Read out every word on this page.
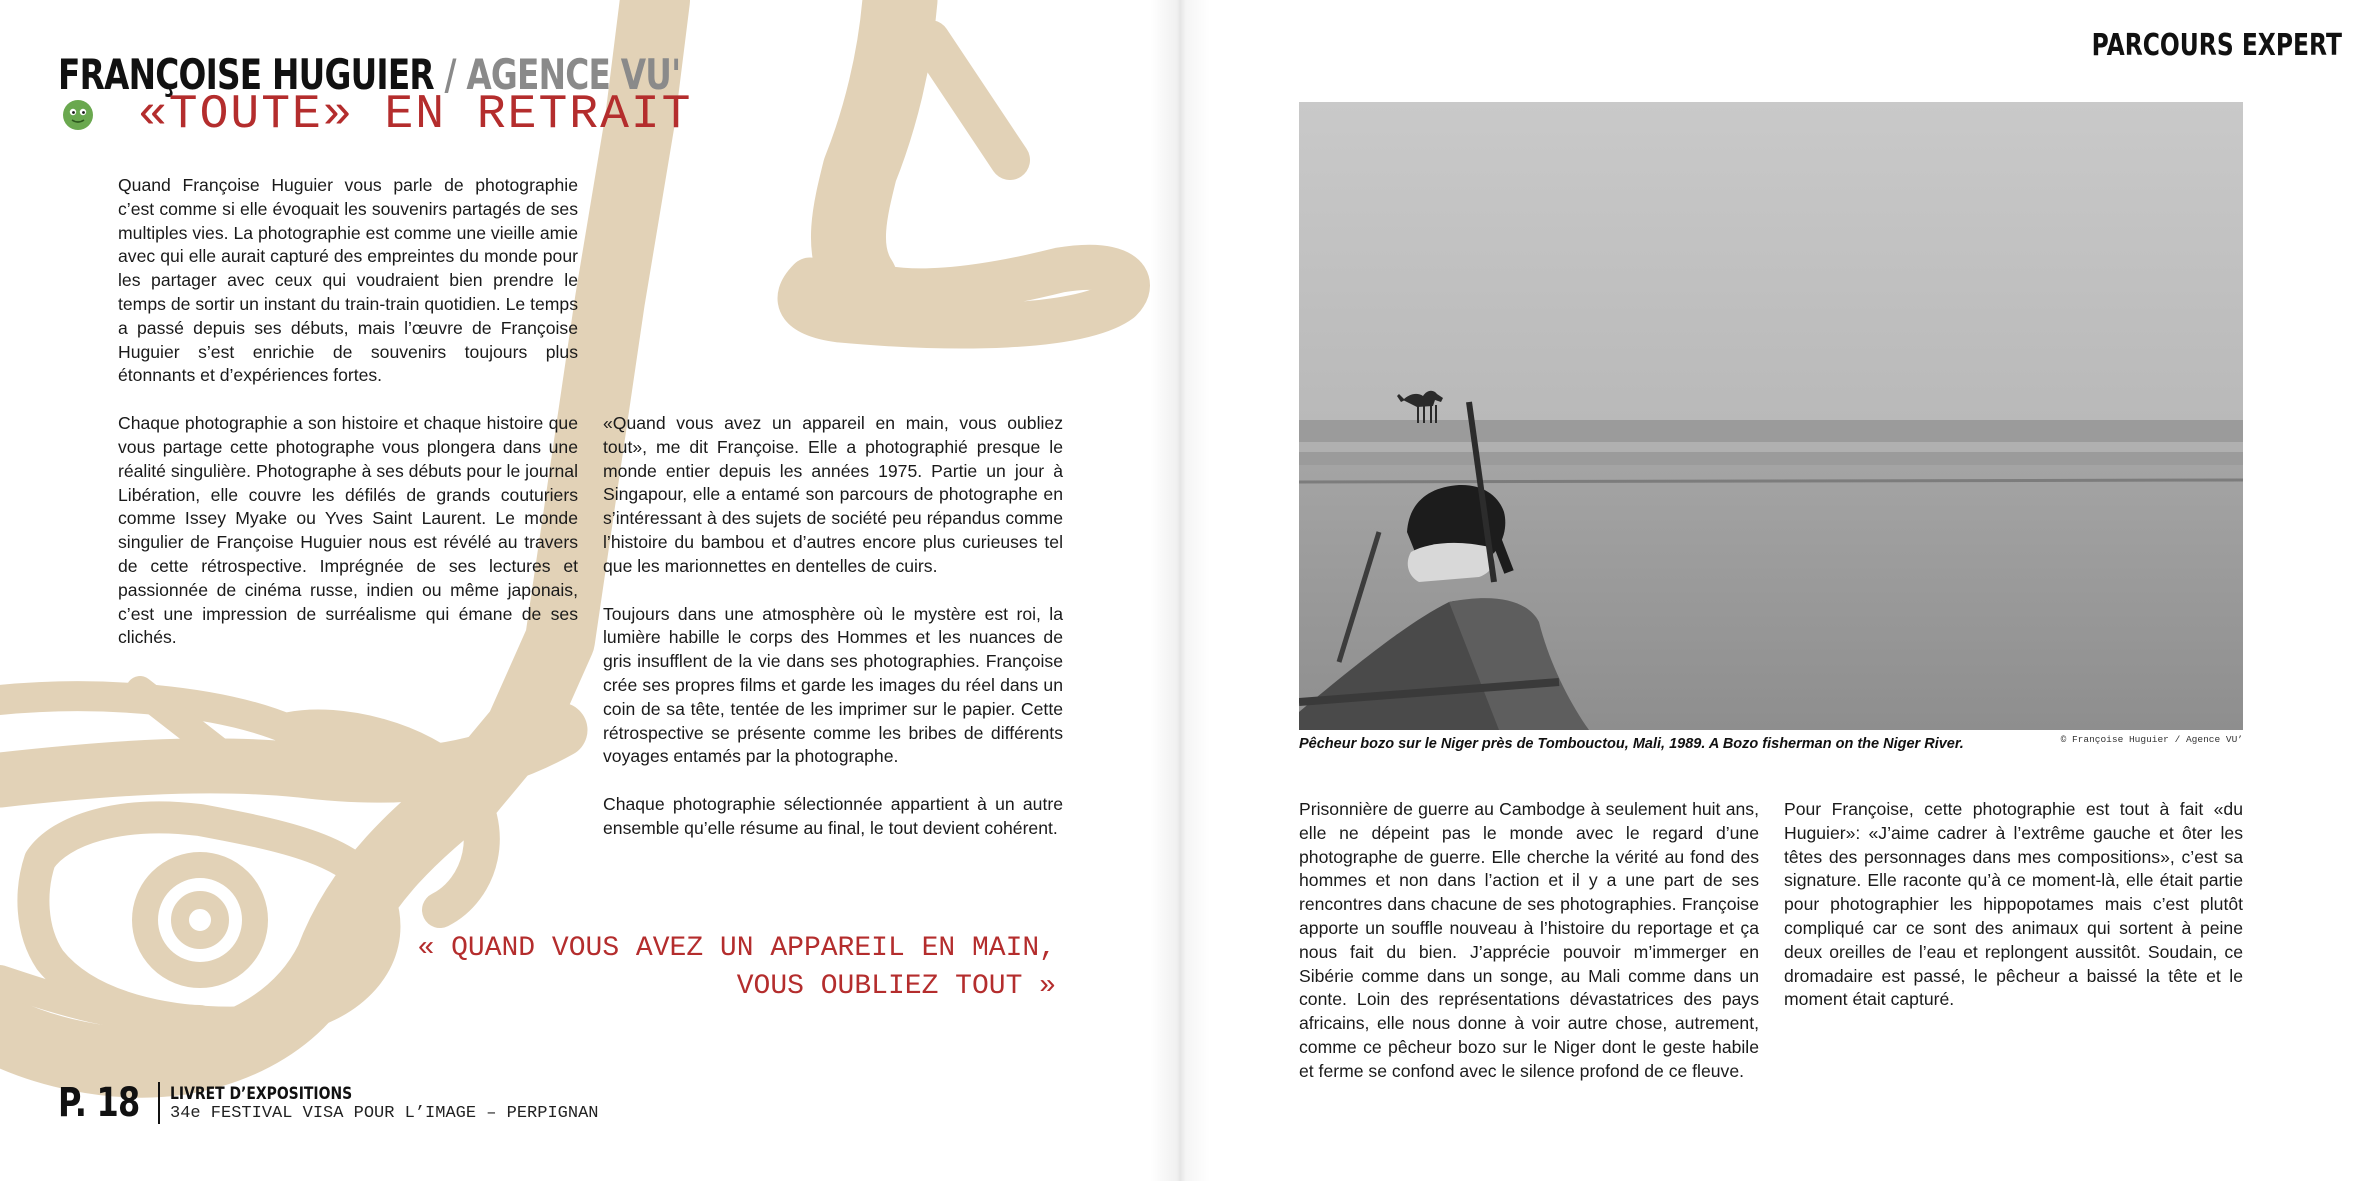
FRANÇOISE HUGUIER / AGENCE VU'
«TOUTE» EN RETRAIT

Quand Françoise Huguier vous parle de photographie c’est comme si elle évoquait les souvenirs partagés de ses multiples vies. La photographie est comme une vieille amie avec qui elle aurait capturé des empreintes du monde pour les partager avec ceux qui voudraient bien prendre le temps de sortir un instant du train-train quotidien. Le temps a passé depuis ses débuts, mais l’œuvre de Françoise Huguier s’est enrichie de souvenirs toujours plus étonnants et d’expériences fortes.

Chaque photographie a son histoire et chaque histoire que vous partage cette photographe vous plongera dans une réalité singulière. Photographe à ses débuts pour le journal Libération, elle couvre les défilés de grands couturiers comme Issey Myake ou Yves Saint Laurent. Le monde singulier de Françoise Huguier nous est révélé au travers de cette rétrospective. Imprégnée de ses lectures et passionnée de cinéma russe, indien ou même japonais, c’est une impression de surréalisme qui émane de ses clichés.

«Quand vous avez un appareil en main, vous oubliez tout», me dit Françoise. Elle a photographié presque le monde entier depuis les années 1975. Partie un jour à Singapour, elle a entamé son parcours de photographe en s’intéressant à des sujets de société peu répandus comme l’histoire du bambou et d’autres encore plus curieuses tel que les marionnettes en dentelles de cuirs.

Toujours dans une atmosphère où le mystère est roi, la lumière habille le corps des Hommes et les nuances de gris insufflent de la vie dans ses photographies. Françoise crée ses propres films et garde les images du réel dans un coin de sa tête, tentée de les imprimer sur le papier. Cette rétrospective se présente comme les bribes de différents voyages entamés par la photographe.

Chaque photographie sélectionnée appartient à un autre ensemble qu’elle résume au final, le tout devient cohérent.

« QUAND VOUS AVEZ UN APPAREIL EN MAIN,
VOUS OUBLIEZ TOUT »
P. 18 LIVRET D’EXPOSITIONS
34e FESTIVAL VISA POUR L’IMAGE – PERPIGNAN
PARCOURS EXPERT
Pêcheur bozo sur le Niger près de Tombouctou, Mali, 1989. A Bozo fisherman on the Niger River.	© Françoise Huguier / Agence VU’

Prisonnière de guerre au Cambodge à seulement huit ans, elle ne dépeint pas le monde avec le regard d’une photographe de guerre. Elle cherche la vérité au fond des hommes et non dans l’action et il y a une part de ses rencontres dans chacune de ses photographies. Françoise apporte un souffle nouveau à l’histoire du reportage et ça nous fait du bien. J’apprécie pouvoir m’immerger en Sibérie comme dans un songe, au Mali comme dans un conte. Loin des représentations dévastatrices des pays africains, elle nous donne à voir autre chose, autrement, comme ce pêcheur bozo sur le Niger dont le geste habile et ferme se confond avec le silence profond de ce fleuve.

Pour Françoise, cette photographie est tout à fait «du Huguier»: «J’aime cadrer à l’extrême gauche et ôter les têtes des personnages dans mes compositions», c’est sa signature. Elle raconte qu’à ce moment-là, elle était partie pour photographier les hippopotames mais c’est plutôt compliqué car ce sont des animaux qui sortent à peine deux oreilles de l’eau et replongent aussitôt. Soudain, ce dromadaire est passé, le pêcheur a baissé la tête et le moment était capturé.
